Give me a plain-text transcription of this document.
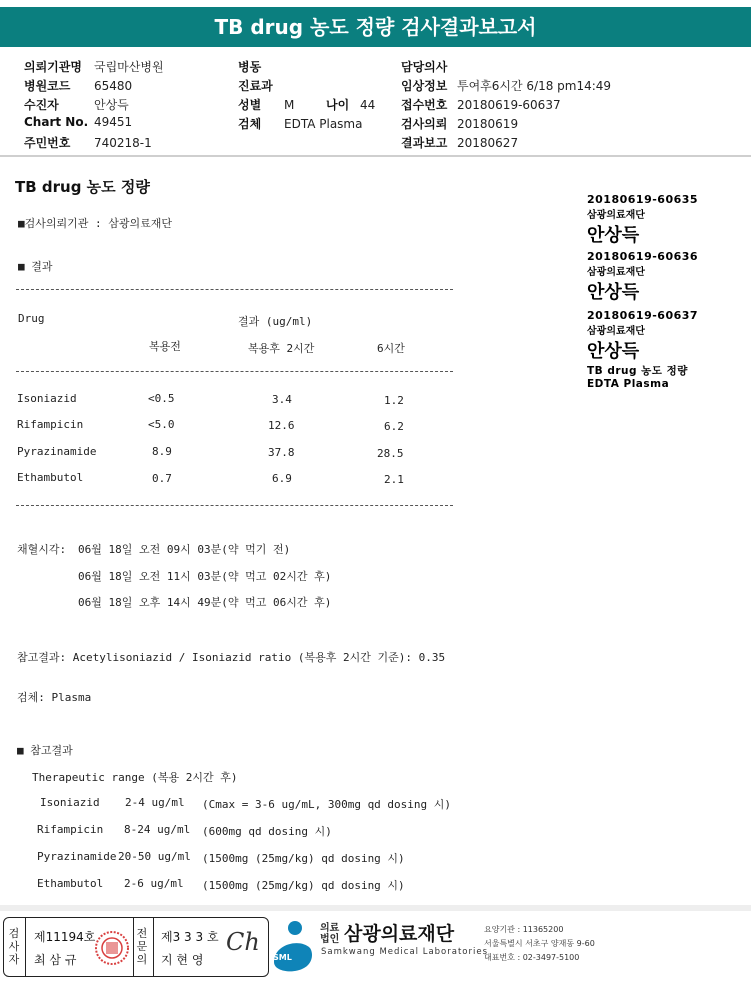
TB drug 농도 정량 검사결과보고서
의뢰기관명 국립마산병원
병원코드 65480
수진자	안상득
Chart No. 49451
주민번호 740218-1
병동
진료과
성별 M	나이 44
검체 EDTA Plasma
담당의사
임상정보 투여후6시간 6/18 pm14:49
접수번호 20180619-60637
검사의뢰 20180619
결과보고 20180627
TB drug 농도 정량
■검사의뢰기관 : 삼광의료재단
■ 결과
Drug	결과 (ug/ml)
복용전	복용후 2시간	6시간
Isoniazid	<0.5	3.4	1.2
Rifampicin	<5.0	12.6	6.2
Pyrazinamide	8.9	37.8	28.5
Ethambutol	0.7	6.9	2.1
채혈시각: 06월 18일 오전 09시 03분(약 먹기 전)
06월 18일 오전 11시 03분(약 먹고 02시간 후)
06월 18일 오후 14시 49분(약 먹고 06시간 후)
참고결과: Acetylisoniazid / Isoniazid ratio (복용후 2시간 기준): 0.35
검체: Plasma
■ 참고결과
Therapeutic range (복용 2시간 후)
Isoniazid 2-4 ug/ml (Cmax = 3-6 ug/mL, 300mg qd dosing 시)
Rifampicin 8-24 ug/ml (600mg qd dosing 시)
Pyrazinamide 20-50 ug/ml (1500mg (25mg/kg) qd dosing 시)
Ethambutol 2-6 ug/ml (1500mg (25mg/kg) qd dosing 시)
20180619-60635
삼광의료재단
안상득
20180619-60636
삼광의료재단
안상득
20180619-60637
삼광의료재단
안상득
TB drug 농도 정량
EDTA Plasma
검
사
자
제11194호
최 삼 규
전
문
의
제3 3 3 호
지 현 영
Ch
SML
의료
법인 삼광의료재단
Samkwang Medical Laboratories
요양기관 : 11365200
서울특별시 서초구 양재동 9-60
대표번호 : 02-3497-5100
